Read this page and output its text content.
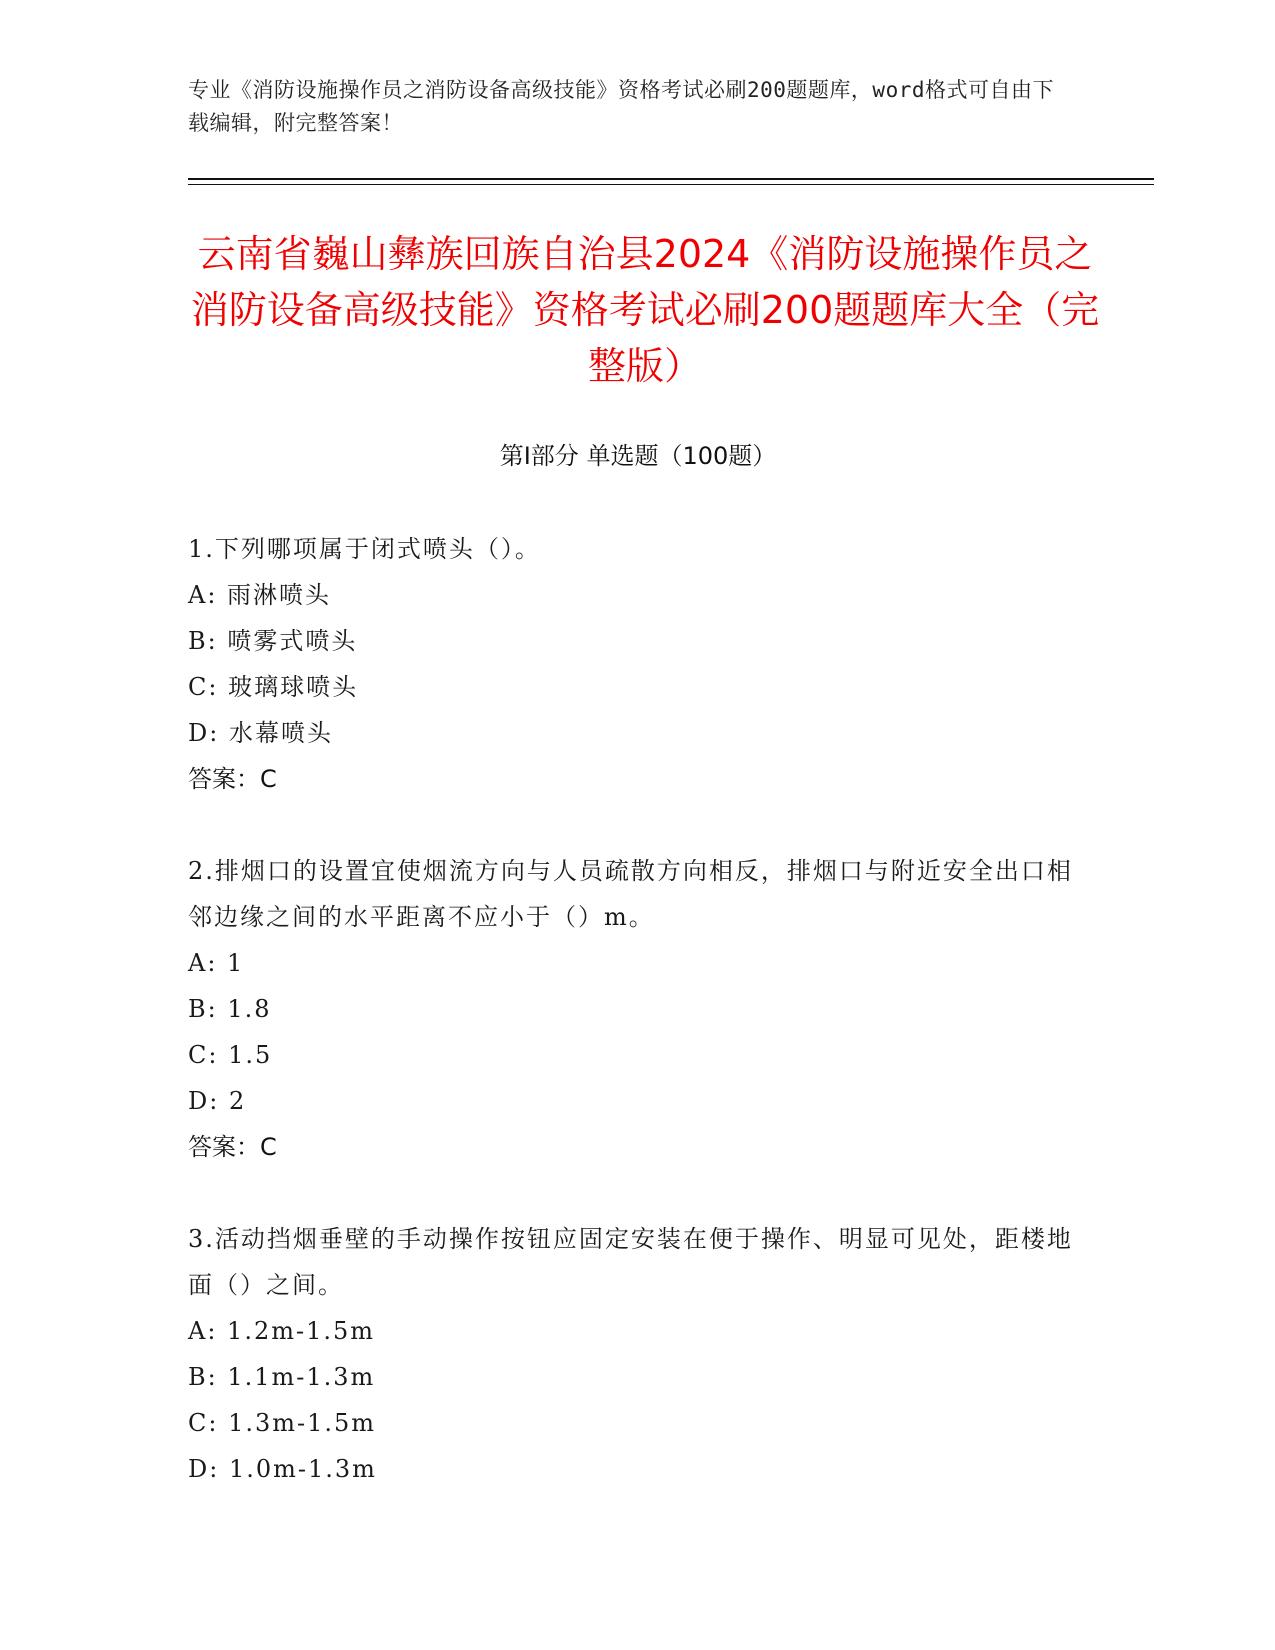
专业《消防设施操作员之消防设备高级技能》资格考试必刷200题题库，word格式可自由下载编辑，附完整答案！
云南省巍山彝族回族自治县2024《消防设施操作员之消防设备高级技能》资格考试必刷200题题库大全（完整版）
第I部分 单选题（100题）
1.下列哪项属于闭式喷头（）。
A: 雨淋喷头
B: 喷雾式喷头
C: 玻璃球喷头
D: 水幕喷头
答案：C
2.排烟口的设置宜使烟流方向与人员疏散方向相反，排烟口与附近安全出口相邻边缘之间的水平距离不应小于（）m。
A: 1
B: 1.8
C: 1.5
D: 2
答案：C
3.活动挡烟垂壁的手动操作按钮应固定安装在便于操作、明显可见处，距楼地面（）之间。
A: 1.2m-1.5m
B: 1.1m-1.3m
C: 1.3m-1.5m
D: 1.0m-1.3m
